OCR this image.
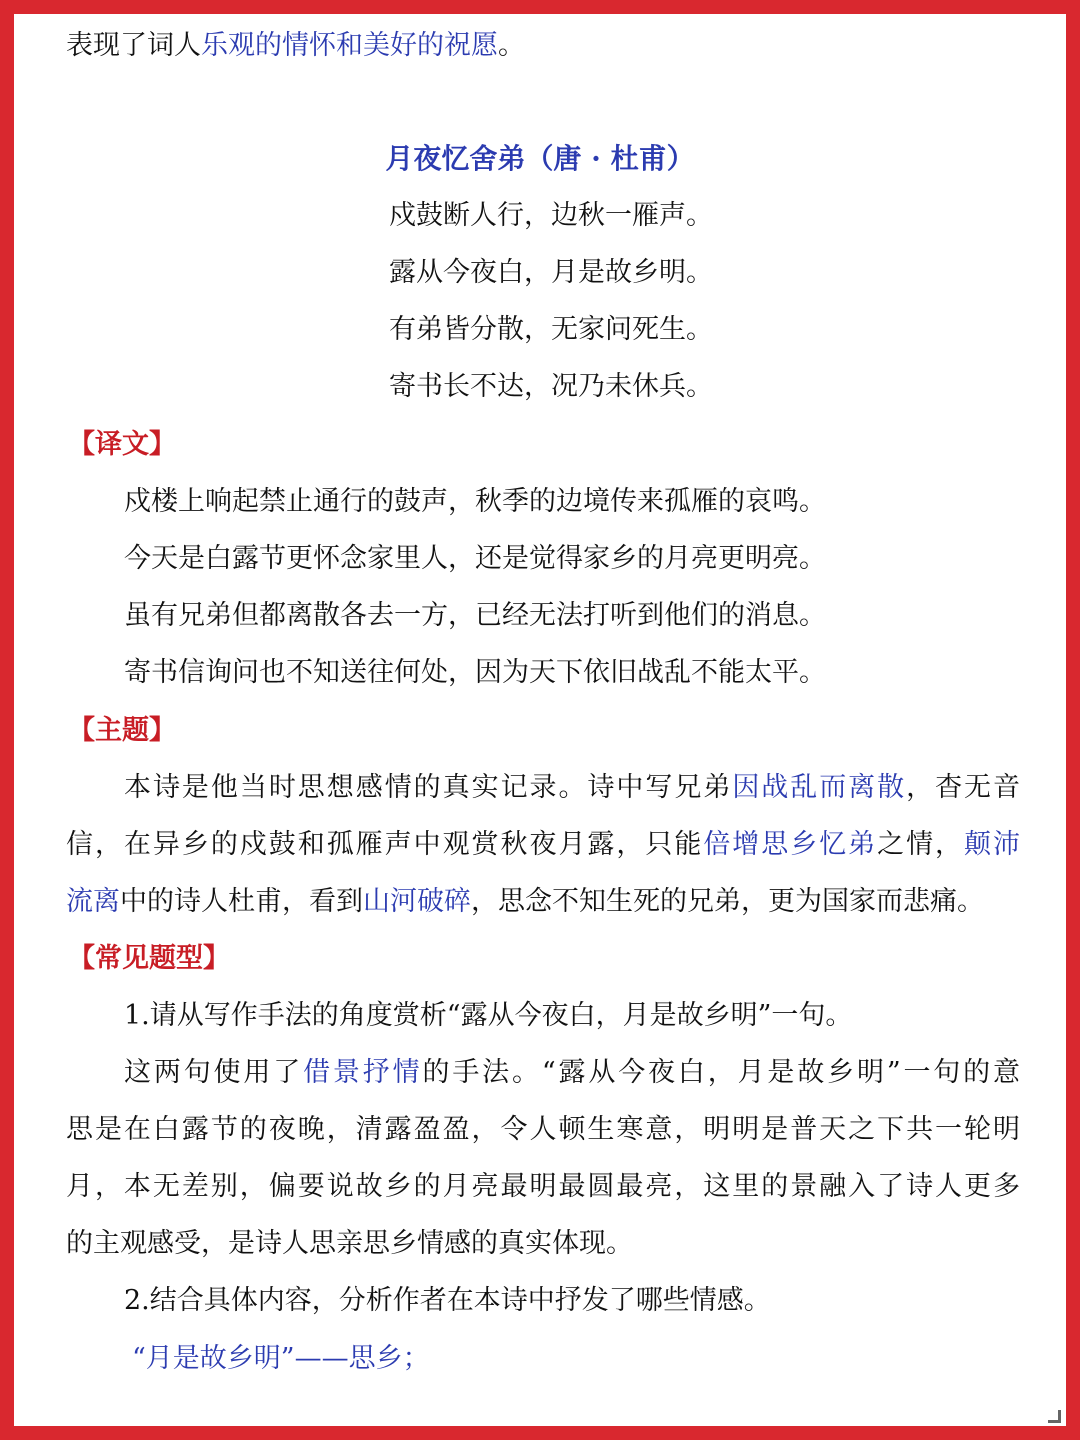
表现了词人乐观的情怀和美好的祝愿。
月夜忆舍弟（唐 · 杜甫）
戍鼓断人行，边秋一雁声。
露从今夜白，月是故乡明。
有弟皆分散，无家问死生。
寄书长不达，况乃未休兵。
【译文】
戍楼上响起禁止通行的鼓声，秋季的边境传来孤雁的哀鸣。
今天是白露节更怀念家里人，还是觉得家乡的月亮更明亮。
虽有兄弟但都离散各去一方，已经无法打听到他们的消息。
寄书信询问也不知送往何处，因为天下依旧战乱不能太平。
【主题】
本诗是他当时思想感情的真实记录。诗中写兄弟因战乱而离散，杳无音
信，在异乡的戍鼓和孤雁声中观赏秋夜月露，只能倍增思乡忆弟之情，颠沛
流离中的诗人杜甫，看到山河破碎，思念不知生死的兄弟，更为国家而悲痛。
【常见题型】
1.请从写作手法的角度赏析“露从今夜白，月是故乡明”一句。
这两句使用了借景抒情的手法。“露从今夜白，月是故乡明”一句的意
思是在白露节的夜晚，清露盈盈，令人顿生寒意，明明是普天之下共一轮明
月，本无差别，偏要说故乡的月亮最明最圆最亮，这里的景融入了诗人更多
的主观感受，是诗人思亲思乡情感的真实体现。
2.结合具体内容，分析作者在本诗中抒发了哪些情感。
“月是故乡明”——思乡；
